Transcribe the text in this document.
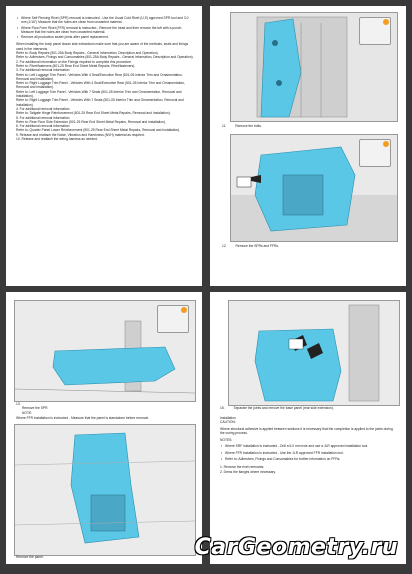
• Where Self Piercing Rivet (SPR) removal is instructed - Use the Usual Cold Rivet (U.S) approved SPR tool and 3.0 mm (1/16") Measure that the holes are clean from unwanted material.
• Where Flow Form Rivet (FFR) removal is instructed - Remove the head and then remove the tuft with a punch. Measure that the holes are clean from unwanted material.
• Remove all production sealer joints after panel replacement.
When installing the body panel dosan side extractions make sure that you are aware of the methods, seals and fixings used in the intersects.
Refer to: Body Repairs (501-25A Body Repairs - General Information, Description and Operation).
Refer to: Adhesives, Fixings and Consumables (501-25A Body Repairs - General Information, Description and Operation).
2. For additional information on the Fixings required to complete this procedure
Refer to: Rivet/fasteners (501-25 Rear End Sheet Metal Repairs, Rivet/fasteners).
3. For additional removal information
Refer to: Left Luggage Trim Panel - Vehicles With 4 Seat/Executive Rear (501-05 Interior Trim and Ornamentation, Removal and Installation).
Refer to: Right Luggage Trim Panel - Vehicles With 4 Seat/Executive Rear (501-05 Interior Trim and Ornamentation, Removal and Installation).
Refer to: Left Luggage Trim Panel - Vehicles With 7 Seats (501-05 Interior Trim and Ornamentation, Removal and Installation).
Refer to: Right Luggage Trim Panel - Vehicles With 7 Seats (501-05 Interior Trim and Ornamentation, Removal and Installation).
4. For additional removal information
Refer to: Tailgate Hinge Reinforcement (501-25 Rear End Sheet Metal Repairs, Removal and Installation).
5. For additional removal information
Refer to: Rear Floor Side Extension (501-25 Rear End Sheet Metal Repairs, Removal and Installation).
6. For additional removal information
Refer to: Quarter Panel Lower Reinforcement (501-25 Rear End Sheet Metal Repairs, Removal and Installation).
9. Release and reattach the Noise, Vibration and Harshness (NVH) material as required.
10. Release and reattach the wiring harness as needed.
11.	Remove the bolts.
12.	Remove the SPRs and FFRs.
13.
Remove the SPR.
NOTE:
Where FFR installation is instructed - Measure that the panel is standalone before removal.
Remove the panel.
15.	Separate the joints and remove the base panel (rear side extension).
Installation
CAUTION:
Where structural adhesive is applied between sections it is necessary that the completion is applied to the joints during the curing process.
NOTES:
• Where SRF installation is instructed - Drill a 6.0 mm hole and use a JLR approved installation tool.
• Where FFR installation is instructed - Use the JLR approved FFR installation tool.
• Refer to: Adhesives, Fixings and Consumables for further information on FFRs.
1. Remove the rivet remnants.
2. Dress the flanges where necessary.
CarGeometry.ru
